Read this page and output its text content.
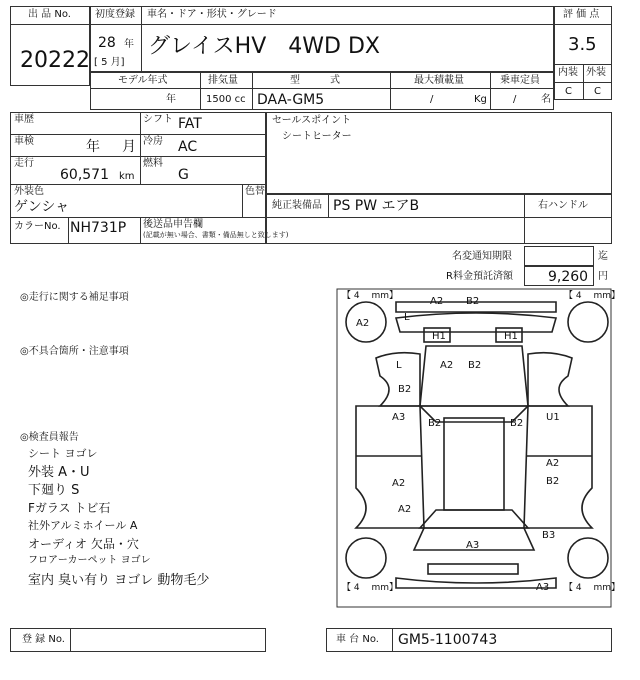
出 品 No.
20222
初度登録 車名・ドア・形状・グレード
28 年
[ 5 月]
グレイスHV　4WD DX
評 価 点
3.5
内装 外装
C C
モデル年式	排気量	型　　　式	最大積載量	乗車定員
年	1500 cc DAA-GM5	/	Kg	/ 名
車歴	シフト FAT
車検	年 月 冷房 AC
走行
60,571 km
燃料
G
外装色
ゲンシャ
色替
カラーNo. NH731P 後送品申告欄
(記載が無い場合、書類・備品無しと致します)
セールスポイント
シートヒーター
純正装備品 PS PW エアB	右ハンドル
名変通知期限	迄
R料金預託済額	9,260 円
◎走行に関する補足事項
◎不具合箇所・注意事項
◎検査員報告
シート ヨゴレ
外装 A・U
下廻り S
Fガラス トビ石
社外アルミホイール A
オーディオ 欠品・穴
フロアーカーペット ヨゴレ
室内 臭い有り ヨゴレ 動物毛少
【 4 　mm】	【 4 　mm】
【 4 　mm】	【 4 　mm】
A2 B2
A2
L
H1	H1
L	A2 B2
B2
A3
B2	B2
U1
A2
A2	B2
A2
A3
B3
A3
登 録 No.	車 台 No. GM5-1100743
